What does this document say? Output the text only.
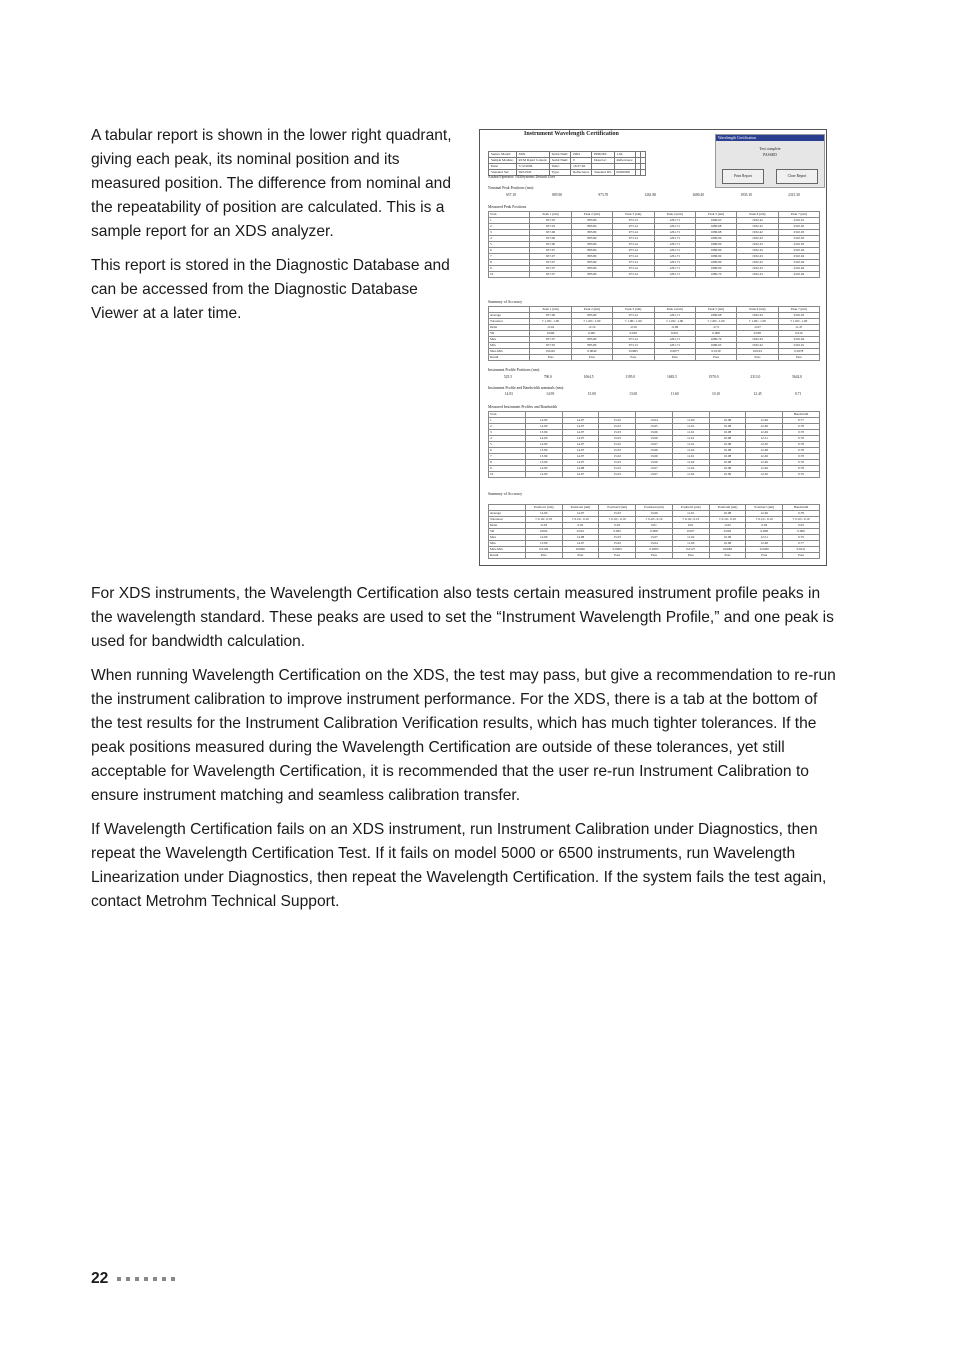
A tabular report is shown in the lower right quadrant, giving each peak, its nominal position and its measured position. The difference from nominal and the repeatability of position are calculated. This is a sample report for an XDS analyzer.

This report is stored in the Diagnostic Database and can be accessed from the Diagnostic Database Viewer at a later time.

Instrument Wavelength Certification
Wavelength Certification
Test complete
PASSED
Print Report	Close Report
Sensor Model:	XDS	Serial Num:	0004	EPROM:	1.64		
Sample Module:	RCM Rapid Content	Serial Num:	0	Detector:	Reflectance		
Date:	7/12/2006	Time:	16:37:26				
Standard Set:	SRS1920	Type:	Reflectance	Standard ID:	00000000		
Author/Operator: NIRSystems Default User
Nominal Peak Positions (nm):
657.10	885.90	973.70	1261.80	1680.40	1935.10	2315.30
Measured Peak Positions
Scan	Peak 1 (nm)	Peak 2 (nm)	Peak 3 (nm)	Peak 4 (nm)	Peak 5 (nm)	Peak 6 (nm)	Peak 7 (nm)
1	657.05	885.80	973.13	1261.71	1680.63	1932.42	2310.01
2	657.03	885.80	973.14	1261.71	1680.68	1932.42	2310.02
3	657.06	885.80	973.14	1261.71	1680.68	1932.42	2310.03
4	657.06	885.80	973.14	1261.71	1680.69	1932.43	2310.03
5	657.06	885.80	973.14	1261.71	1680.69	1932.43	2310.03
6	657.07	885.80	973.14	1261.71	1680.69	1932.43	2310.04
7	657.07	885.80	973.14	1261.71	1680.69	1932.43	2310.04
8	657.07	885.80	973.14	1261.71	1680.69	1932.43	2310.04
9	657.07	885.80	973.14	1261.71	1680.69	1932.43	2310.04
10	657.07	885.80	973.14	1261.71	1680.70	1932.43	2310.04
Summary of Accuracy
	Peak 1 (nm)	Peak 2 (nm)	Peak 3 (nm)	Peak 4 (nm)	Peak 5 (nm)	Peak 6 (nm)	Peak 7 (nm)
Average	657.06	885.80	973.14	1261.71	1680.68	1932.43	2310.03
Tolerance	± 1.00/- 1.00	± 1.00/- 1.00	± 1.00/- 1.00	± 1.00/- 1.00	± 1.00/- 1.00	± 1.00/- 1.00	± 1.00/- 1.00
Delta	-0.04	-0.10	-0.56	-0.09	-0.71	-0.07	-0.47
SD	0.006	0.001	0.002	0.001	0.008	0.005	0.010
Max	657.07	885.80	973.14	1261.71	1680.70	1932.43	2310.04
Min	657.05	885.80	973.13	1261.71	1680.63	1932.42	2310.01
Max-Min	0.0245	0.0040	0.0065	0.0077	0.0139	0.0163	0.0278
Result	Pass	Pass	Pass	Pass	Pass	Pass	Pass
Instrument Profile Positions (nm):
525.5	790.0	1064.5	1195.0	1683.5	1970.0	2313.0	5642.0
Instrument Profile and Bandwidth nominals (nm):
14.03	14.95	15.00	13.65	11.60	10.10	12.45	0.71
Measured Instrument Profiles and Bandwidth
Scan								Bandwidth
1	14.00	14.97	15.02	13.64	11.60	10.08	12.49	0.77
2	14.00	14.97	15.03	13.65	11.61	10.08	12.49	0.78
3	13.99	14.97	15.03	13.66	11.61	10.08	12.49	0.78
4	14.00	14.97	15.03	13.66	11.61	10.08	12.51	0.78
5	14.00	14.97	15.02	13.67	11.61	10.08	12.50	0.78
6	13.99	14.97	15.03	13.66	11.62	10.08	12.48	0.78
7	13.99	14.97	15.02	13.66	11.61	10.08	12.49	0.78
8	13.99	14.97	15.03	13.66	11.62	10.08	12.49	0.78
9	14.00	14.98	15.03	13.67	11.62	10.08	12.49	0.78
10	14.00	14.97	15.03	13.67	11.62	10.09	12.50	0.79
Summary of Accuracy
	Position1 (nm)	Position2 (nm)	Position3 (nm)	Position4 (nm)	Position5 (nm)	Position6 (nm)	Position7 (nm)	Bandwidth
Average	14.00	14.97	15.03	13.66	11.61	10.08	12.49	0.78
Tolerance	± 0.10/- 0.10	± 0.10/- 0.10	± 0.10/- 0.10	± 0.10/- 0.10	± 0.10/- 0.10	± 0.10/- 0.10	± 0.12/- 0.10	± 0.10/- 0.10
Delta	-0.03	0.02	0.03	0.01	0.01	-0.02	0.04	0.03
SD	0.004	0.001	0.002	0.008	0.007	0.002	0.008	0.006
Max	14.00	14.98	15.03	13.67	11.62	10.09	12.51	0.79
Min	13.99	14.97	15.02	13.64	11.60	10.08	12.48	0.77
Max-Min	0.0129	0.0040	0.0063	0.0283	0.0127	0.0082	0.0260	0.0211
Result	Pass	Pass	Pass	Pass	Pass	Pass	Pass	Pass

For XDS instruments, the Wavelength Certification also tests certain measured instrument profile peaks in the wavelength standard. These peaks are used to set the “Instrument Wavelength Profile,” and one peak is used for bandwidth calculation.

When running Wavelength Certification on the XDS, the test may pass, but give a recommendation to re-run the instrument calibration to improve instrument performance. For the XDS, there is a tab at the bottom of the test results for the Instrument Calibration Verification results, which has much tighter tolerances. If the peak positions measured during the Wavelength Certification are outside of these tolerances, yet still acceptable for Wavelength Certification, it is recommended that the user re-run Instrument Calibration to ensure instrument matching and seamless calibration transfer.

If Wavelength Certification fails on an XDS instrument, run Instrument Calibration under Diagnostics, then repeat the Wavelength Certification Test. If it fails on model 5000 or 6500 instruments, run Wavelength Linearization under Diagnostics, then repeat the Wavelength Certification. If the system fails the test again, contact Metrohm Technical Support.

22
